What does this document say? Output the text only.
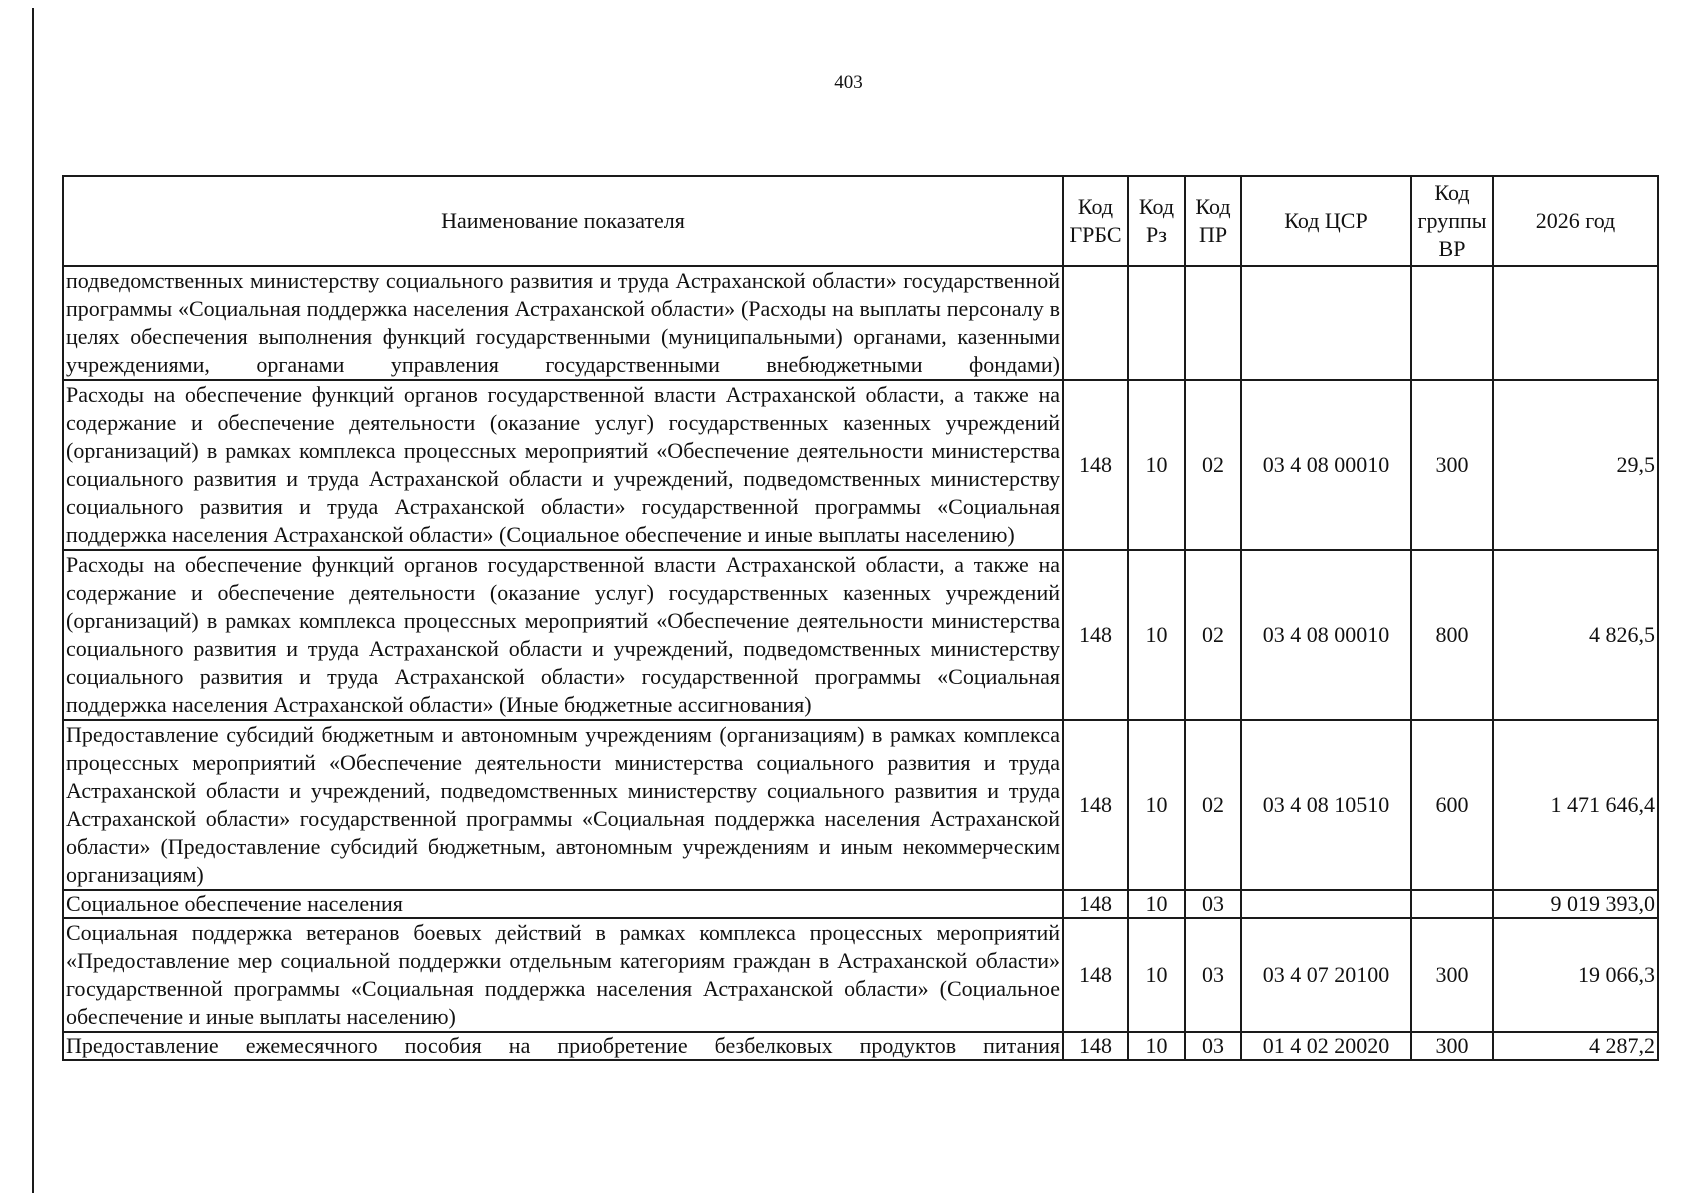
403
Наименование показателя	Код ГРБС	Код Рз	Код ПР	Код ЦСР	Код группы ВР	2026 год
подведомственных министерству социального развития и труда Астраханской области» государственной программы «Социальная поддержка населения Астраханской области» (Расходы на выплаты персоналу в целях обеспечения выполнения функций государственными (муниципальными) органами, казенными учреждениями, органами управления государственными внебюджетными фондами)						
Расходы на обеспечение функций органов государственной власти Астраханской области, а также на содержание и обеспечение деятельности (оказание услуг) государственных казенных учреждений (организаций) в рамках комплекса процессных мероприятий «Обеспечение деятельности министерства социального развития и труда Астраханской области и учреждений, подведомственных министерству социального развития и труда Астраханской области» государственной программы «Социальная поддержка населения Астраханской области» (Социальное обеспечение и иные выплаты населению)	148	10	02	03 4 08 00010	300	29,5
Расходы на обеспечение функций органов государственной власти Астраханской области, а также на содержание и обеспечение деятельности (оказание услуг) государственных казенных учреждений (организаций) в рамках комплекса процессных мероприятий «Обеспечение деятельности министерства социального развития и труда Астраханской области и учреждений, подведомственных министерству социального развития и труда Астраханской области» государственной программы «Социальная поддержка населения Астраханской области» (Иные бюджетные ассигнования)	148	10	02	03 4 08 00010	800	4 826,5
Предоставление субсидий бюджетным и автономным учреждениям (организациям) в рамках комплекса процессных мероприятий «Обеспечение деятельности министерства социального развития и труда Астраханской области и учреждений, подведомственных министерству социального развития и труда Астраханской области» государственной программы «Социальная поддержка населения Астраханской области» (Предоставление субсидий бюджетным, автономным учреждениям и иным некоммерческим организациям)	148	10	02	03 4 08 10510	600	1 471 646,4
Социальное обеспечение населения	148	10	03			9 019 393,0
Социальная поддержка ветеранов боевых действий в рамках комплекса процессных мероприятий «Предоставление мер социальной поддержки отдельным категориям граждан в Астраханской области» государственной программы «Социальная поддержка населения Астраханской области» (Социальное обеспечение и иные выплаты населению)	148	10	03	03 4 07 20100	300	19 066,3
Предоставление ежемесячного пособия на приобретение безбелковых продуктов питания	148	10	03	01 4 02 20020	300	4 287,2
